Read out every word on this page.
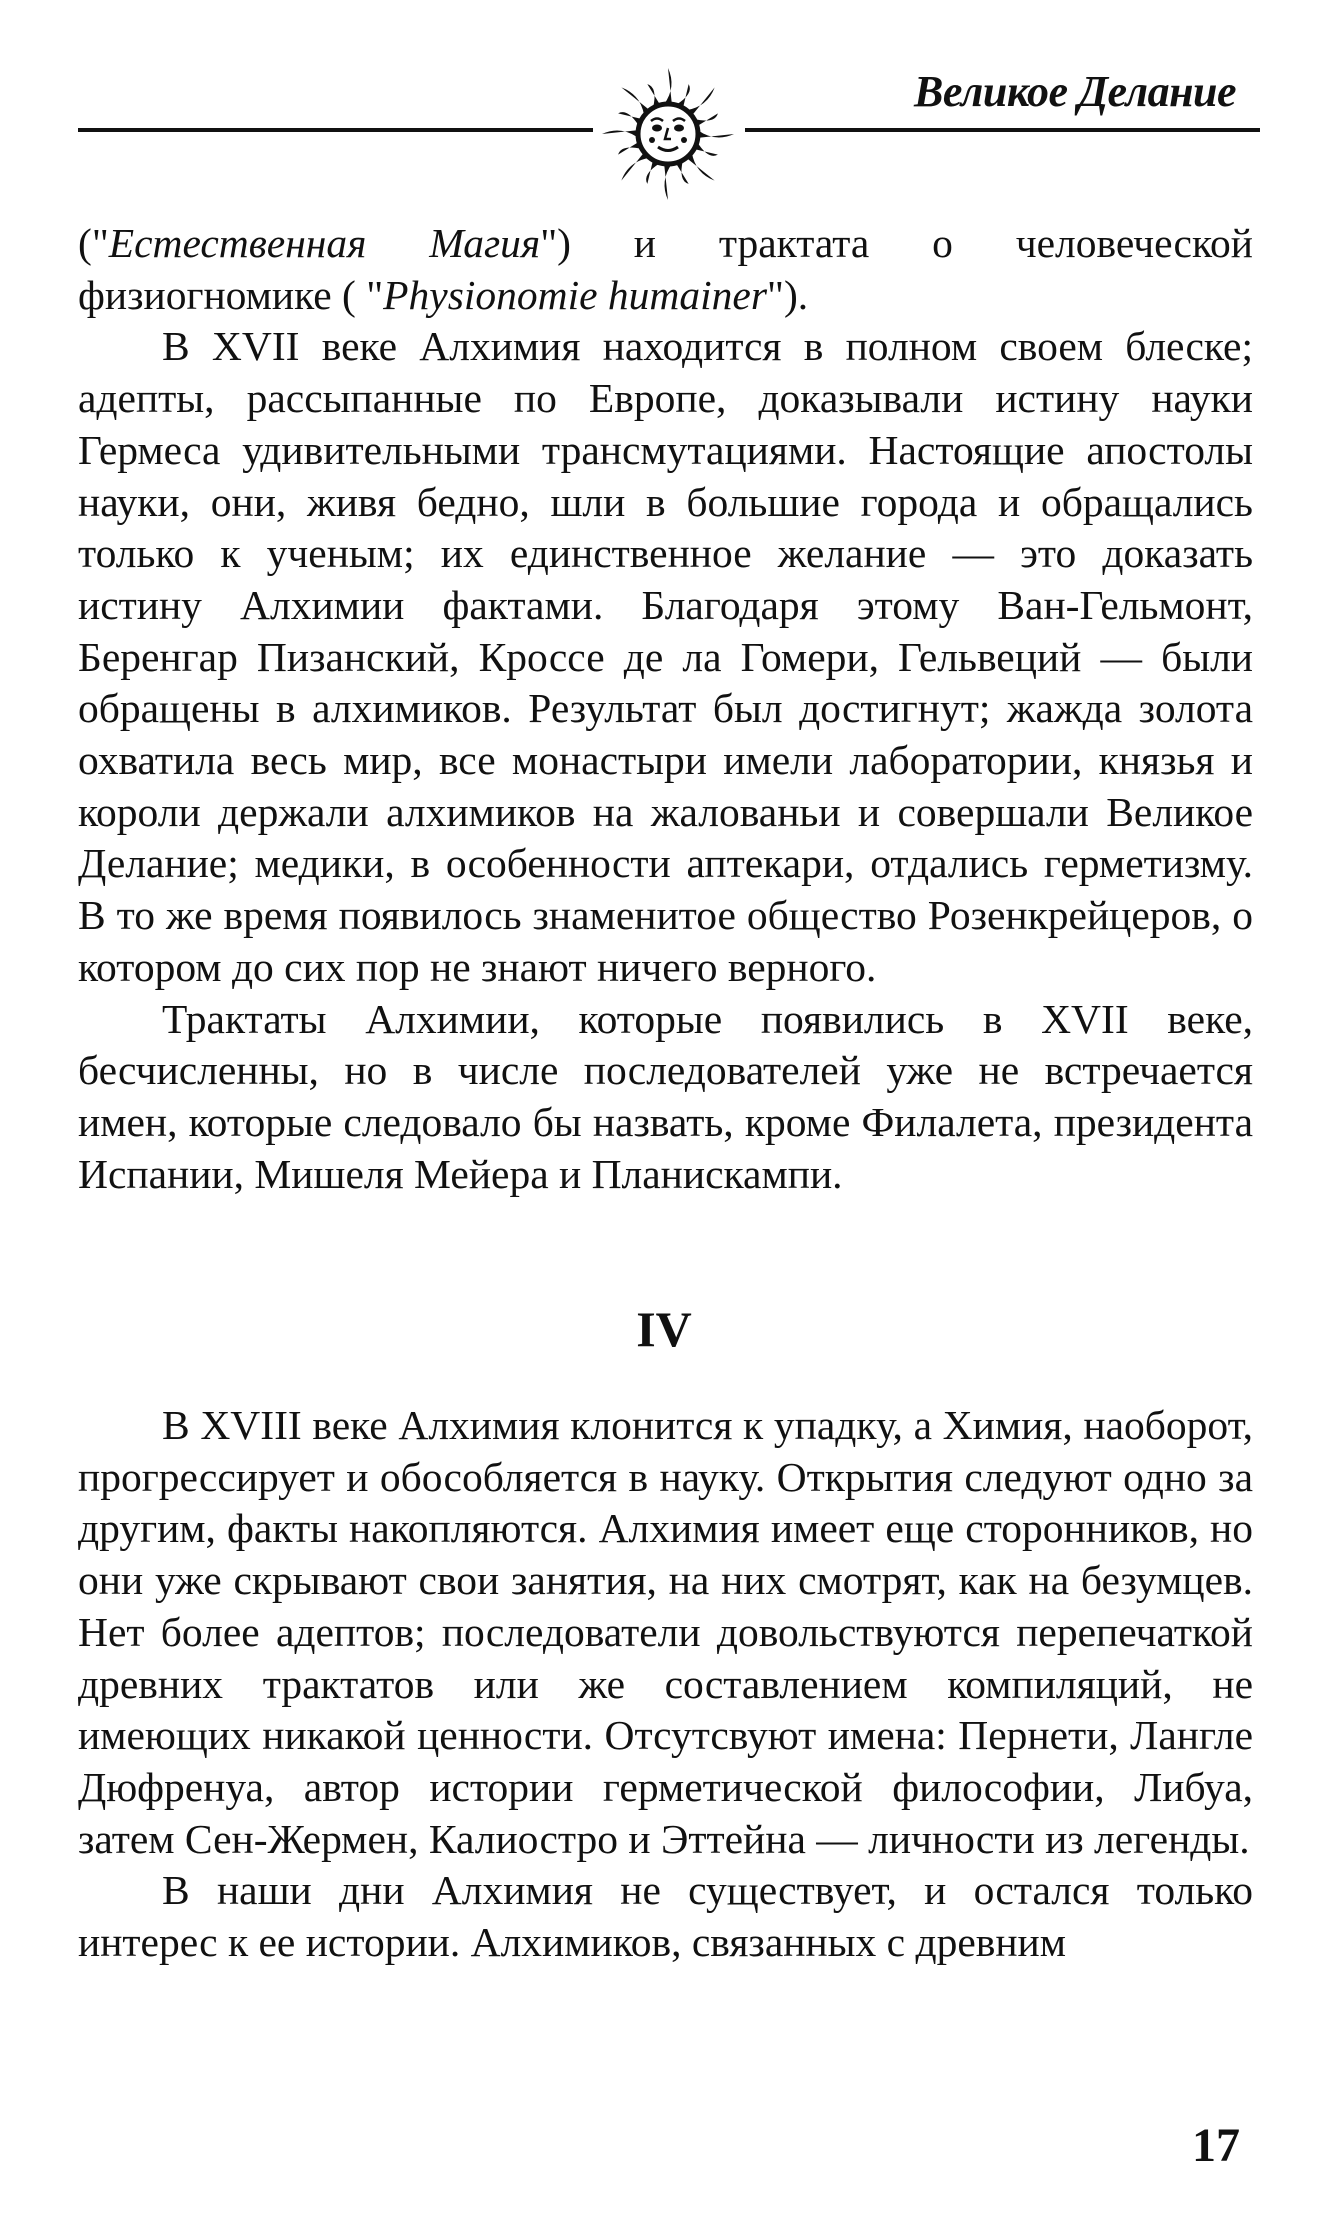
Великое Делание

("Естественная Магия") и трактата о человеческой физиогномике ( "Physionomie humainer").

В XVII веке Алхимия находится в полном своем блеске; адепты, рассыпанные по Европе, доказывали истину науки Гермеса удивительными трансмутациями. Настоящие апостолы науки, они, живя бедно, шли в большие города и обращались только к ученым; их единственное желание — это доказать истину Алхимии фактами. Благодаря этому Ван-Гельмонт, Беренгар Пизанский, Кроссе де ла Гомери, Гельвеций — были обращены в алхимиков. Результат был достигнут; жажда золота охватила весь мир, все монастыри имели лаборатории, князья и короли держали алхимиков на жалованьи и совершали Великое Делание; медики, в особенности аптекари, отдались герметизму. В то же время появилось знаменитое общество Розенкрейцеров, о котором до сих пор не знают ничего верного.

Трактаты Алхимии, которые появились в XVII веке, бесчисленны, но в числе последователей уже не встречается имен, которые следовало бы назвать, кроме Филалета, президента Испании, Мишеля Мейера и Планискампи.

IV

В XVIII веке Алхимия клонится к упадку, а Химия, наоборот, прогрессирует и обособляется в науку. Открытия следуют одно за другим, факты накопляются. Алхимия имеет еще сторонников, но они уже скрывают свои занятия, на них смотрят, как на безумцев. Нет более адептов; последователи довольствуются перепечаткой древних трактатов или же составлением компиляций, не имеющих никакой ценности. Отсутсвуют имена: Пернети, Лангле Дюфренуа, автор истории герметической философии, Либуа, затем Сен-Жермен, Калиостро и Эттейна — личности из легенды.

В наши дни Алхимия не существует, и остался только интерес к ее истории. Алхимиков, связанных с древним

17
